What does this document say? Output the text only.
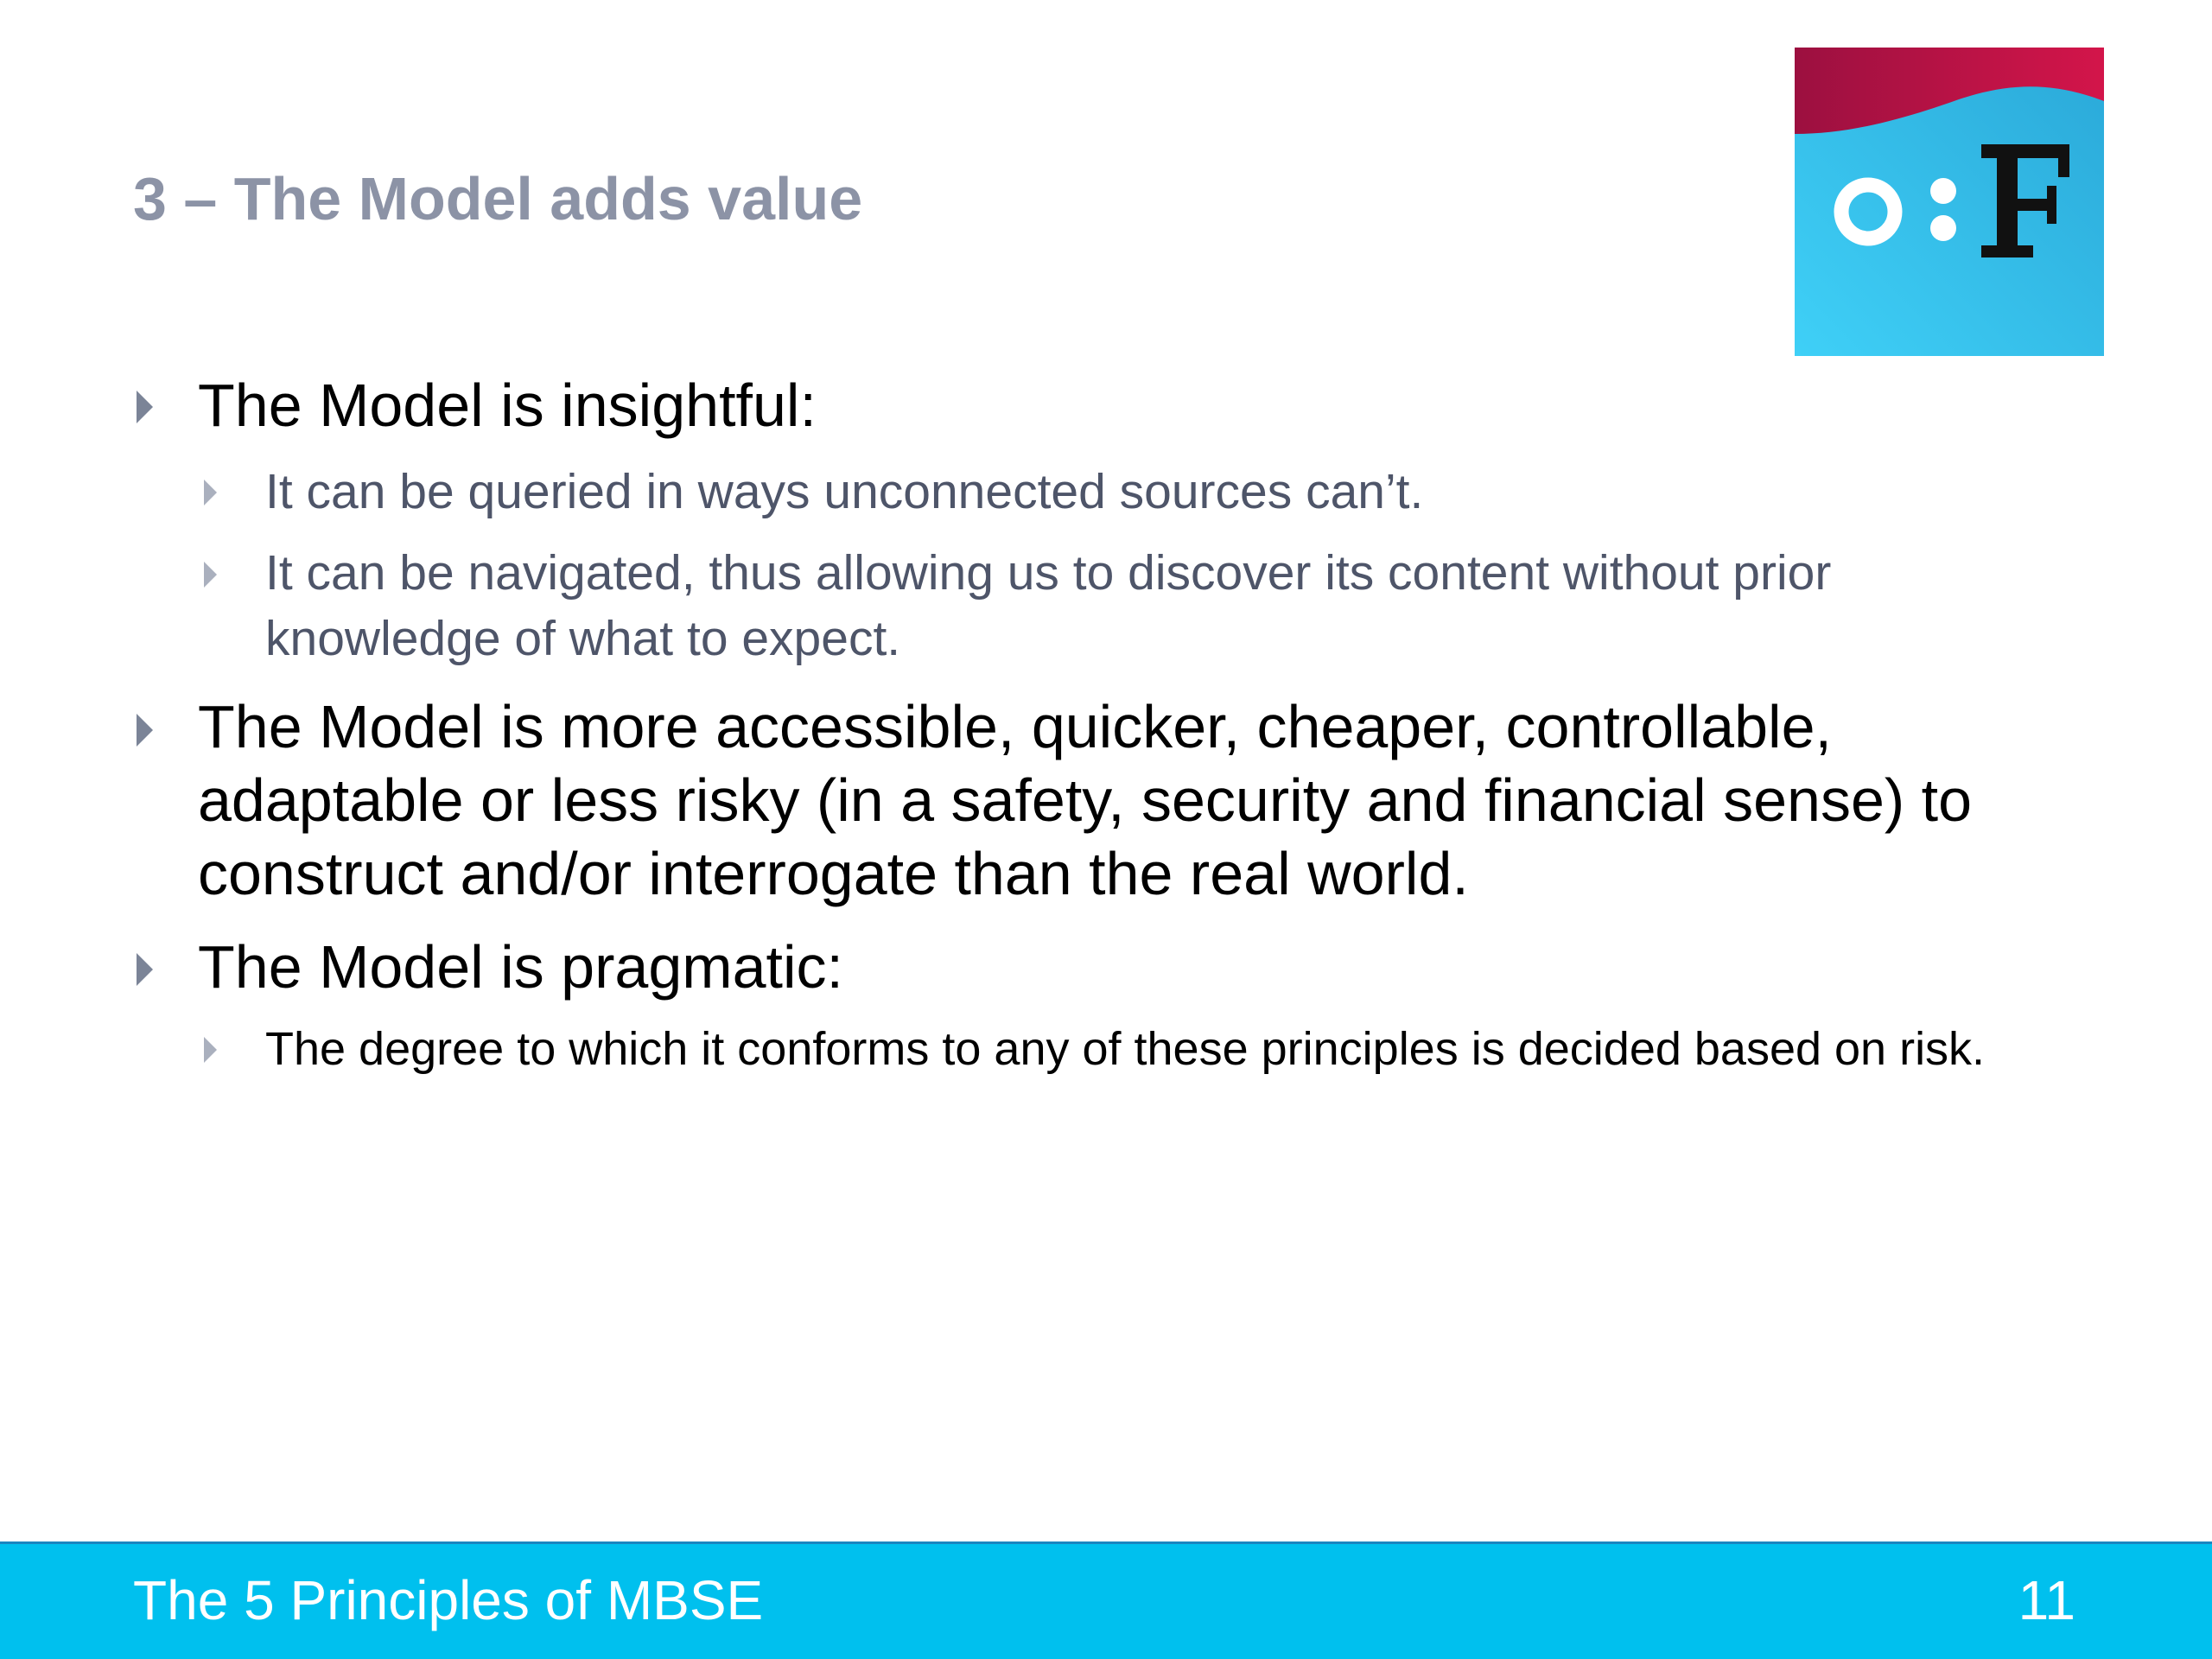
3 – The Model adds value
The Model is insightful:
It can be queried in ways unconnected sources can’t.
It can be navigated, thus allowing us to discover its content without prior knowledge of what to expect.
The Model is more accessible, quicker, cheaper, controllable, adaptable or less risky (in a safety, security and financial sense) to construct and/or interrogate than the real world.
The Model is pragmatic:
The degree to which it conforms to any of these principles is decided based on risk.
The 5 Principles of MBSE	11
